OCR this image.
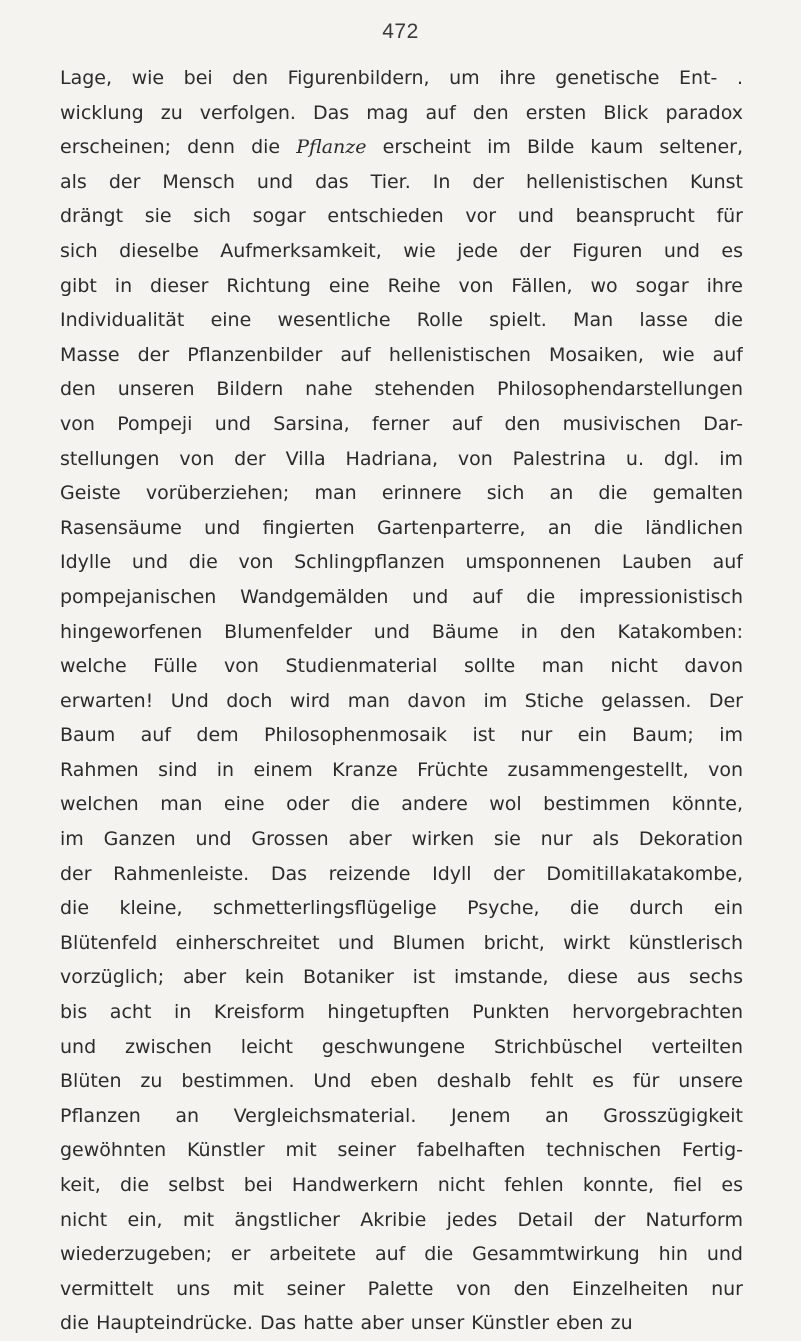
472
Lage, wie bei den Figurenbildern, um ihre genetische Ent- .
wicklung zu verfolgen. Das mag auf den ersten Blick paradox
erscheinen; denn die Pflanze erscheint im Bilde kaum seltener,
als der Mensch und das Tier. In der hellenistischen Kunst
drängt sie sich sogar entschieden vor und beansprucht für
sich dieselbe Aufmerksamkeit, wie jede der Figuren und es
gibt in dieser Richtung eine Reihe von Fällen, wo sogar ihre
Individualität eine wesentliche Rolle spielt. Man lasse die
Masse der Pflanzenbilder auf hellenistischen Mosaiken, wie auf
den unseren Bildern nahe stehenden Philosophendarstellungen
von Pompeji und Sarsina, ferner auf den musivischen Dar-
stellungen von der Villa Hadriana, von Palestrina u. dgl. im
Geiste vorüberziehen; man erinnere sich an die gemalten
Rasensäume und fingierten Gartenparterre, an die ländlichen
Idylle und die von Schlingpflanzen umsponnenen Lauben auf
pompejanischen Wandgemälden und auf die impressionistisch
hingeworfenen Blumenfelder und Bäume in den Katakomben:
welche Fülle von Studienmaterial sollte man nicht davon
erwarten! Und doch wird man davon im Stiche gelassen. Der
Baum auf dem Philosophenmosaik ist nur ein Baum; im
Rahmen sind in einem Kranze Früchte zusammengestellt, von
welchen man eine oder die andere wol bestimmen könnte,
im Ganzen und Grossen aber wirken sie nur als Dekoration
der Rahmenleiste. Das reizende Idyll der Domitillakatakombe,
die kleine, schmetterlingsflügelige Psyche, die durch ein
Blütenfeld einherschreitet und Blumen bricht, wirkt künstlerisch
vorzüglich; aber kein Botaniker ist imstande, diese aus sechs
bis acht in Kreisform hingetupften Punkten hervorgebrachten
und zwischen leicht geschwungene Strichbüschel verteilten
Blüten zu bestimmen. Und eben deshalb fehlt es für unsere
Pflanzen an Vergleichsmaterial. Jenem an Grosszügigkeit
gewöhnten Künstler mit seiner fabelhaften technischen Fertig-
keit, die selbst bei Handwerkern nicht fehlen konnte, fiel es
nicht ein, mit ängstlicher Akribie jedes Detail der Naturform
wiederzugeben; er arbeitete auf die Gesammtwirkung hin und
vermittelt uns mit seiner Palette von den Einzelheiten nur
die Haupteindrücke. Das hatte aber unser Künstler eben zu
